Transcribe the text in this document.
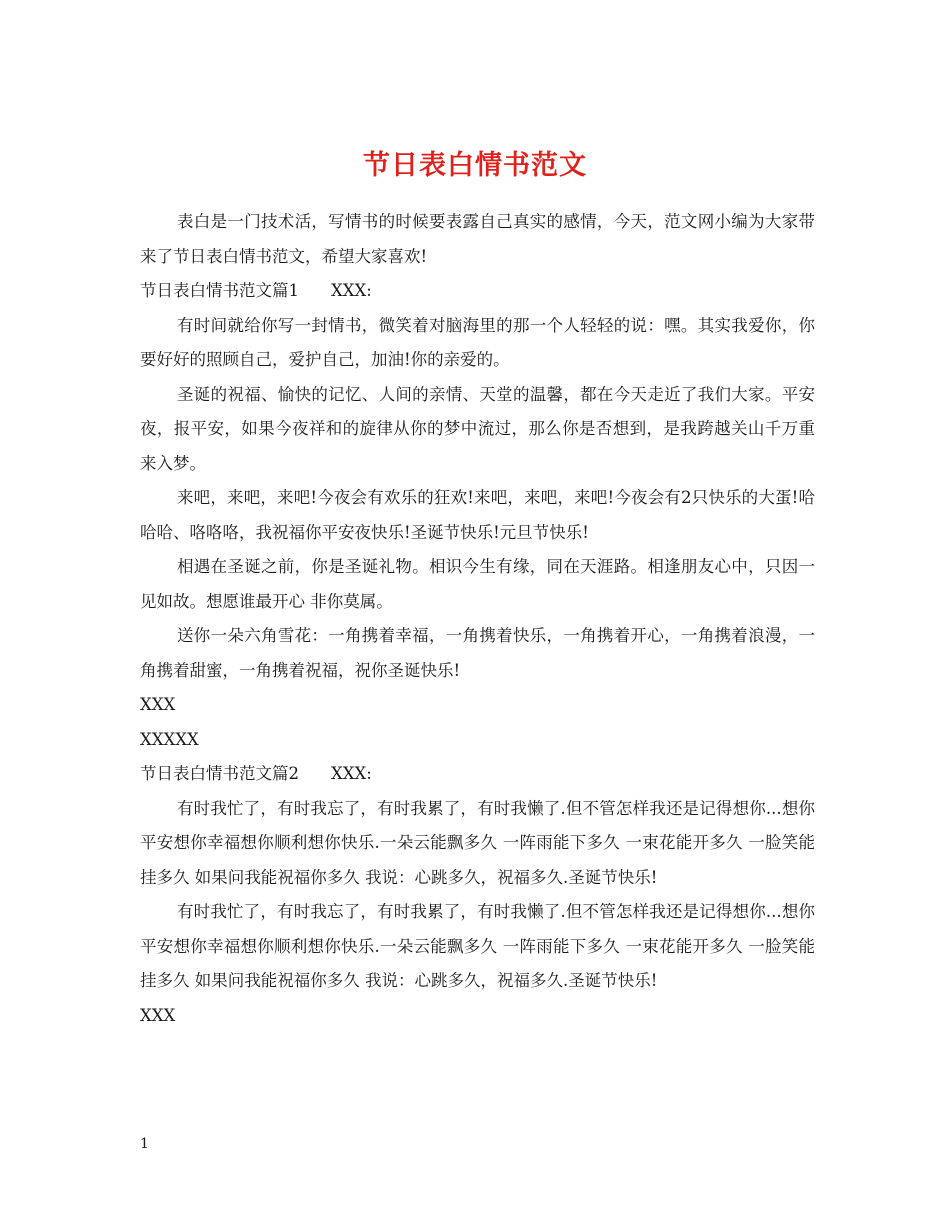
节日表白情书范文

表白是一门技术活，写情书的时候要表露自己真实的感情，今天，范文网小编为大家带来了节日表白情书范文，希望大家喜欢!

节日表白情书范文篇1 XXX:

有时间就给你写一封情书，微笑着对脑海里的那一个人轻轻的说：嘿。其实我爱你，你要好好的照顾自己，爱护自己，加油!你的亲爱的。

圣诞的祝福、愉快的记忆、人间的亲情、天堂的温馨，都在今天走近了我们大家。平安夜，报平安，如果今夜祥和的旋律从你的梦中流过，那么你是否想到，是我跨越关山千万重来入梦。

来吧，来吧，来吧!今夜会有欢乐的狂欢!来吧，来吧，来吧!今夜会有2只快乐的大蛋!哈哈哈、咯咯咯，我祝福你平安夜快乐!圣诞节快乐!元旦节快乐!

相遇在圣诞之前，你是圣诞礼物。相识今生有缘，同在天涯路。相逢朋友心中，只因一见如故。想愿谁最开心 非你莫属。

送你一朵六角雪花：一角携着幸福，一角携着快乐，一角携着开心，一角携着浪漫，一角携着甜蜜，一角携着祝福，祝你圣诞快乐!

XXX

XXXXX

节日表白情书范文篇2 XXX:

有时我忙了，有时我忘了，有时我累了，有时我懒了.但不管怎样我还是记得想你...想你平安想你幸福想你顺利想你快乐.一朵云能飘多久 一阵雨能下多久 一束花能开多久 一脸笑能挂多久 如果问我能祝福你多久 我说：心跳多久，祝福多久.圣诞节快乐!

有时我忙了，有时我忘了，有时我累了，有时我懒了.但不管怎样我还是记得想你...想你平安想你幸福想你顺利想你快乐.一朵云能飘多久 一阵雨能下多久 一束花能开多久 一脸笑能挂多久 如果问我能祝福你多久 我说：心跳多久，祝福多久.圣诞节快乐!

XXX

1
